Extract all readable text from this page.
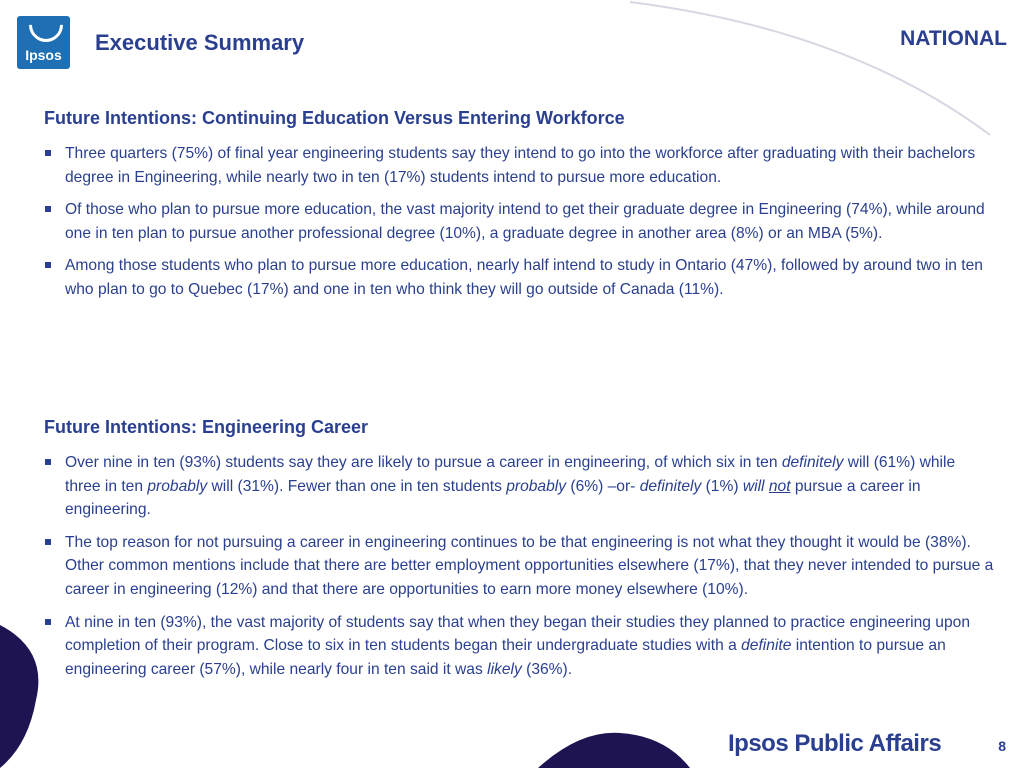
Ipsos	Executive Summary	NATIONAL
Future Intentions: Continuing Education Versus Entering Workforce
Three quarters (75%) of final year engineering students say they intend to go into the workforce after graduating with their bachelors degree in Engineering, while nearly two in ten (17%) students intend to pursue more education.
Of those who plan to pursue more education, the vast majority intend to get their graduate degree in Engineering (74%), while around one in ten plan to pursue another professional degree (10%), a graduate degree in another area (8%) or an MBA (5%).
Among those students who plan to pursue more education, nearly half intend to study in Ontario (47%), followed by around two in ten who plan to go to Quebec (17%) and one in ten who think they will go outside of Canada (11%).
Future Intentions: Engineering Career
Over nine in ten (93%) students say they are likely to pursue a career in engineering, of which six in ten definitely will (61%) while three in ten probably will (31%). Fewer than one in ten students probably (6%) –or- definitely (1%) will not pursue a career in engineering.
The top reason for not pursuing a career in engineering continues to be that engineering is not what they thought it would be (38%). Other common mentions include that there are better employment opportunities elsewhere (17%), that they never intended to pursue a career in engineering (12%) and that there are opportunities to earn more money elsewhere (10%).
At nine in ten (93%), the vast majority of students say that when they began their studies they planned to practice engineering upon completion of their program. Close to six in ten students began their undergraduate studies with a definite intention to pursue an engineering career (57%), while nearly four in ten said it was likely (36%).
Ipsos Public Affairs	8
